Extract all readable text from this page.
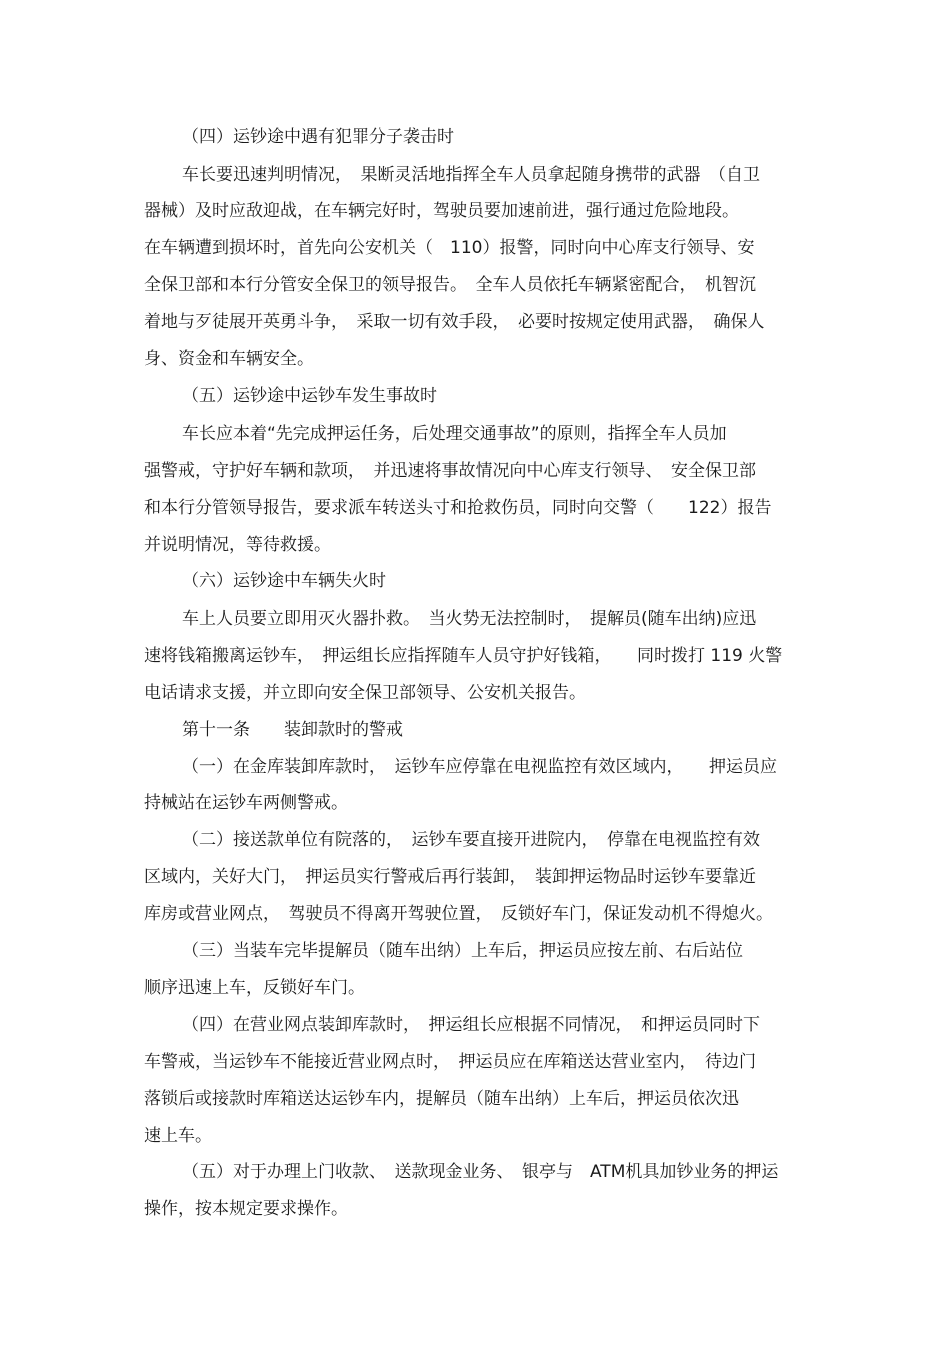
（四）运钞途中遇有犯罪分子袭击时
车长要迅速判明情况，　果断灵活地指挥全车人员拿起随身携带的武器　（自卫
器械）及时应敌迎战，在车辆完好时，驾驶员要加速前进，强行通过危险地段。
在车辆遭到损坏时，首先向公安机关（　110）报警，同时向中心库支行领导、安
全保卫部和本行分管安全保卫的领导报告。　全车人员依托车辆紧密配合，　机智沉
着地与歹徒展开英勇斗争，　采取一切有效手段，　必要时按规定使用武器，　确保人
身、资金和车辆安全。
（五）运钞途中运钞车发生事故时
车长应本着“先完成押运任务，后处理交通事故”的原则，指挥全车人员加
强警戒，守护好车辆和款项，　并迅速将事故情况向中心库支行领导、　安全保卫部
和本行分管领导报告，要求派车转送头寸和抢救伤员，同时向交警（　　122）报告
并说明情况，等待救援。
（六）运钞途中车辆失火时
车上人员要立即用灭火器扑救。　当火势无法控制时，　提解员(随车出纳)应迅
速将钱箱搬离运钞车，　押运组长应指挥随车人员守护好钱箱，　　同时拨打 119 火警
电话请求支援，并立即向安全保卫部领导、公安机关报告。
第十一条　　装卸款时的警戒
（一）在金库装卸库款时，　运钞车应停靠在电视监控有效区域内，　　押运员应
持械站在运钞车两侧警戒。
（二）接送款单位有院落的，　运钞车要直接开进院内，　停靠在电视监控有效
区域内，关好大门，　押运员实行警戒后再行装卸，　装卸押运物品时运钞车要靠近
库房或营业网点，　驾驶员不得离开驾驶位置，　反锁好车门，保证发动机不得熄火。
（三）当装车完毕提解员（随车出纳）上车后，押运员应按左前、右后站位
顺序迅速上车，反锁好车门。
（四）在营业网点装卸库款时，　押运组长应根据不同情况，　和押运员同时下
车警戒，当运钞车不能接近营业网点时，　押运员应在库箱送达营业室内，　待边门
落锁后或接款时库箱送达运钞车内，提解员（随车出纳）上车后，押运员依次迅
速上车。
（五）对于办理上门收款、　送款现金业务、　银亭与　ATM机具加钞业务的押运
操作，按本规定要求操作。
